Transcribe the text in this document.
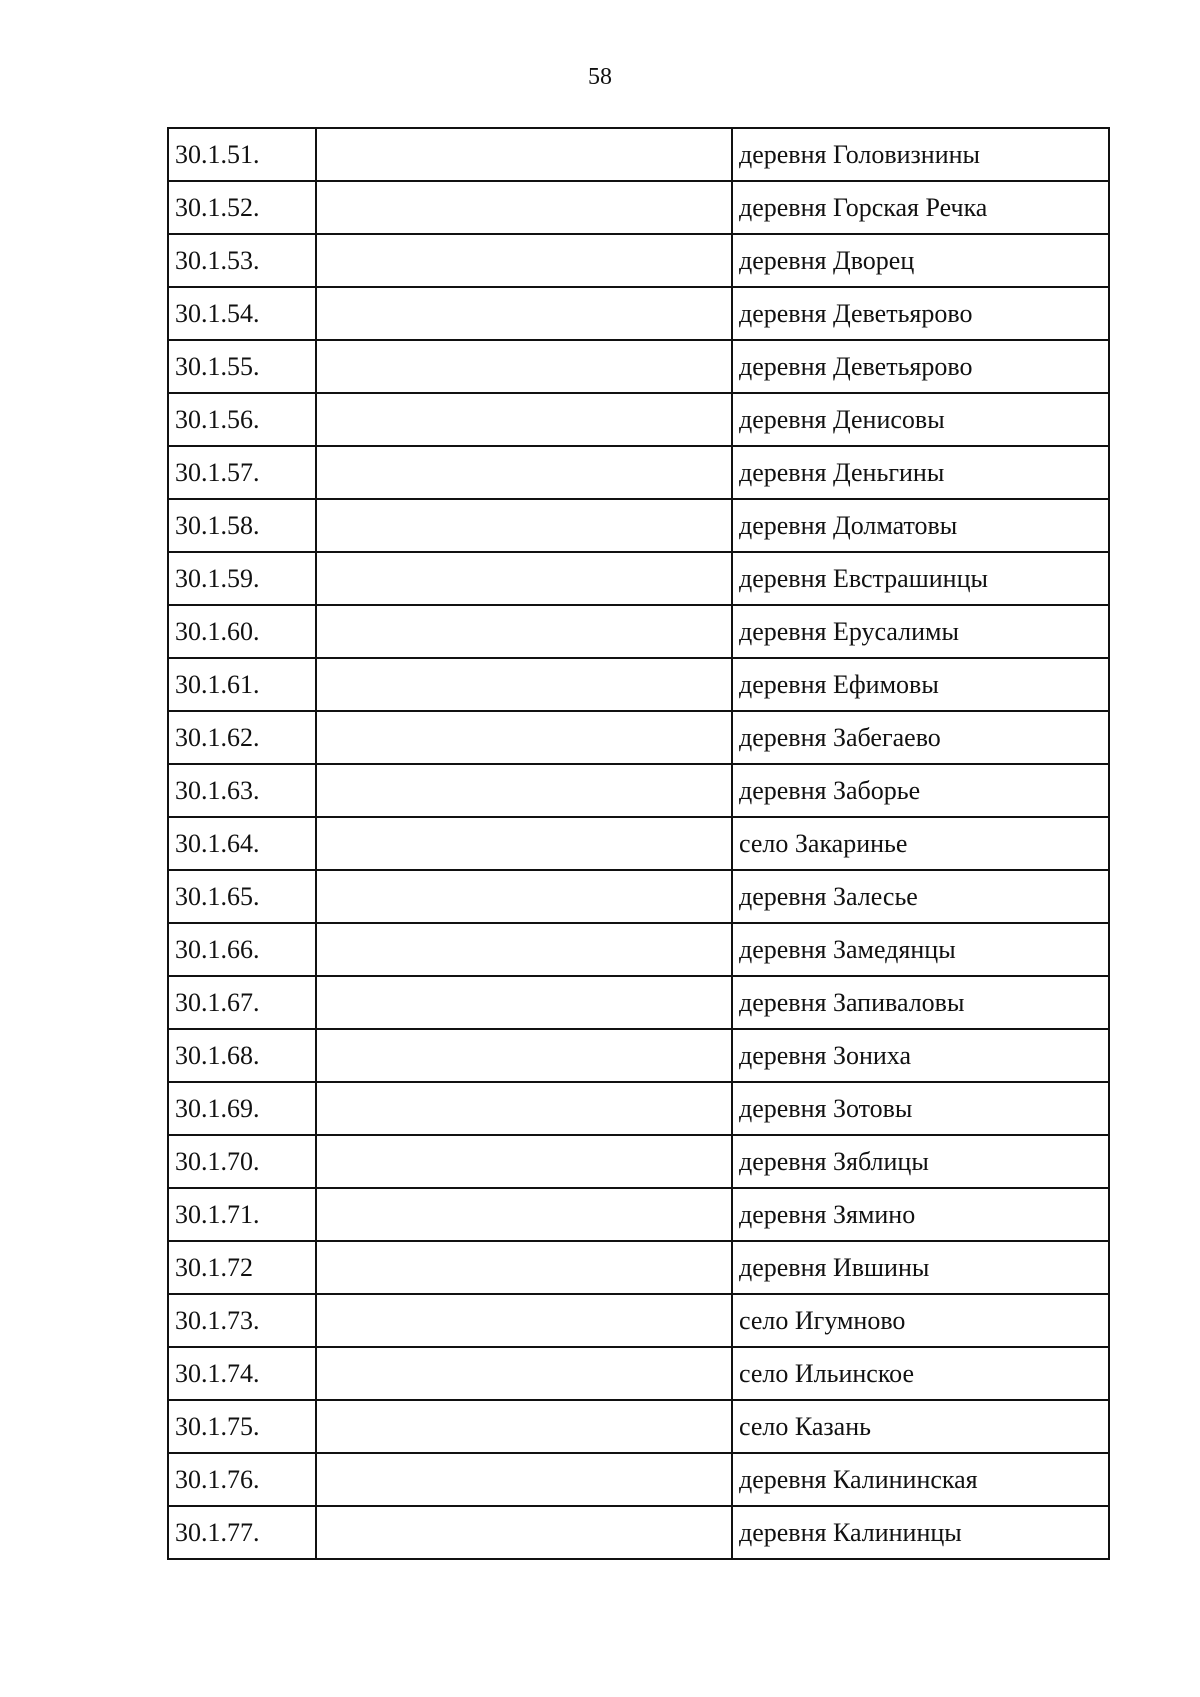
58
30.1.51.		деревня Головизнины
30.1.52.		деревня Горская Речка
30.1.53.		деревня Дворец
30.1.54.		деревня Деветьярово
30.1.55.		деревня Деветьярово
30.1.56.		деревня Денисовы
30.1.57.		деревня Деньгины
30.1.58.		деревня Долматовы
30.1.59.		деревня Евстрашинцы
30.1.60.		деревня Ерусалимы
30.1.61.		деревня Ефимовы
30.1.62.		деревня Забегаево
30.1.63.		деревня Заборье
30.1.64.		село Закаринье
30.1.65.		деревня Залесье
30.1.66.		деревня Замедянцы
30.1.67.		деревня Запиваловы
30.1.68.		деревня Зониха
30.1.69.		деревня Зотовы
30.1.70.		деревня Зяблицы
30.1.71.		деревня Зямино
30.1.72		деревня Ившины
30.1.73.		село Игумново
30.1.74.		село Ильинское
30.1.75.		село Казань
30.1.76.		деревня Калининская
30.1.77.		деревня Калининцы
